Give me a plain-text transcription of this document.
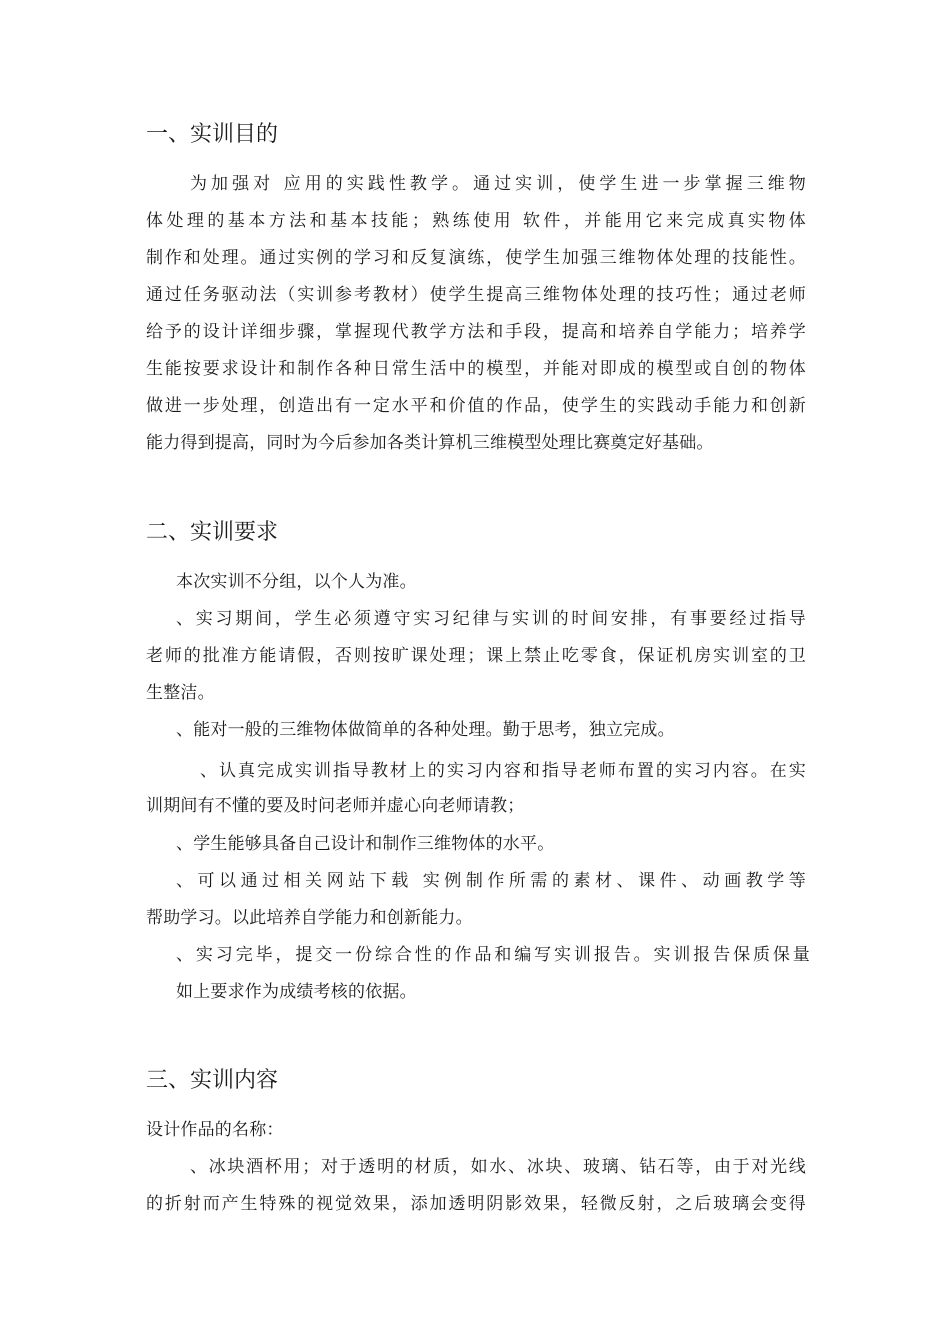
一、实训目的
为加强对 应用的实践性教学。通过实训，使学生进一步掌握三维物
体处理的基本方法和基本技能；熟练使用 软件，并能用它来完成真实物体
制作和处理。通过实例的学习和反复演练，使学生加强三维物体处理的技能性。
通过任务驱动法（实训参考教材）使学生提高三维物体处理的技巧性；通过老师
给予的设计详细步骤，掌握现代教学方法和手段，提高和培养自学能力；培养学
生能按要求设计和制作各种日常生活中的模型，并能对即成的模型或自创的物体
做进一步处理，创造出有一定水平和价值的作品，使学生的实践动手能力和创新
能力得到提高，同时为今后参加各类计算机三维模型处理比赛奠定好基础。
二、实训要求
本次实训不分组，以个人为准。
、实习期间，学生必须遵守实习纪律与实训的时间安排，有事要经过指导
老师的批准方能请假，否则按旷课处理；课上禁止吃零食，保证机房实训室的卫
生整洁。
、能对一般的三维物体做简单的各种处理。勤于思考，独立完成。
、认真完成实训指导教材上的实习内容和指导老师布置的实习内容。在实
训期间有不懂的要及时问老师并虚心向老师请教；
、学生能够具备自己设计和制作三维物体的水平。
、可以通过相关网站下载 实例制作所需的素材、课件、动画教学等
帮助学习。以此培养自学能力和创新能力。
、实习完毕，提交一份综合性的作品和编写实训报告。实训报告保质保量
如上要求作为成绩考核的依据。
三、实训内容
设计作品的名称：
、冰块酒杯用；对于透明的材质，如水、冰块、玻璃、钻石等，由于对光线
的折射而产生特殊的视觉效果，添加透明阴影效果，轻微反射，之后玻璃会变得
